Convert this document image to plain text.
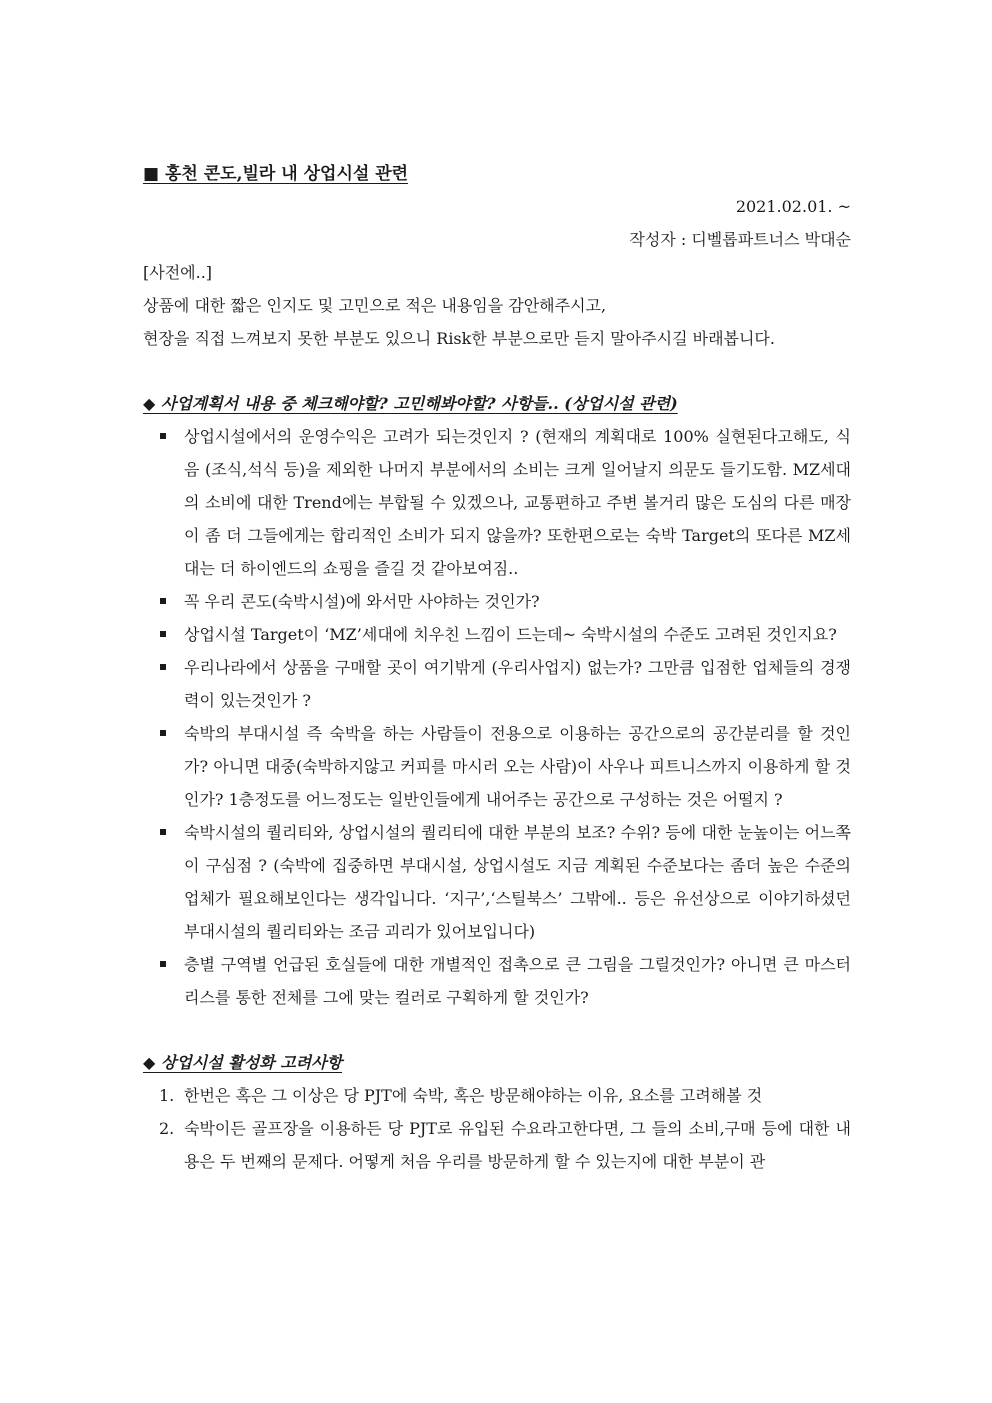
■ 홍천 콘도,빌라 내 상업시설 관련
2021.02.01. ~
작성자 : 디벨롭파트너스 박대순

[사전에..]

상품에 대한 짧은 인지도 및 고민으로 적은 내용임을 감안해주시고,

현장을 직접 느껴보지 못한 부분도 있으니 Risk한 부분으로만 듣지 말아주시길 바래봅니다.

◆ 사업계획서 내용 중 체크해야할? 고민해봐야할? 사항들.. (상업시설 관련)
상업시설에서의 운영수익은 고려가 되는것인지 ? (현재의 계획대로 100% 실현된다고해도, 식음 (조식,석식 등)을 제외한 나머지 부분에서의 소비는 크게 일어날지 의문도 들기도함. MZ세대의 소비에 대한 Trend에는 부합될 수 있겠으나, 교통편하고 주변 볼거리 많은 도심의 다른 매장이 좀 더 그들에게는 합리적인 소비가 되지 않을까? 또한편으로는 숙박 Target의 또다른 MZ세대는 더 하이엔드의 쇼핑을 즐길 것 같아보여짐..
꼭 우리 콘도(숙박시설)에 와서만 사야하는 것인가?
상업시설 Target이 ‘MZ’세대에 치우친 느낌이 드는데~ 숙박시설의 수준도 고려된 것인지요?
우리나라에서 상품을 구매할 곳이 여기밖게 (우리사업지) 없는가? 그만큼 입점한 업체들의 경쟁력이 있는것인가 ?
숙박의 부대시설 즉 숙박을 하는 사람들이 전용으로 이용하는 공간으로의 공간분리를 할 것인가? 아니면 대중(숙박하지않고 커피를 마시러 오는 사람)이 사우나 피트니스까지 이용하게 할 것인가? 1층정도를 어느정도는 일반인들에게 내어주는 공간으로 구성하는 것은 어떨지 ?
숙박시설의 퀄리티와, 상업시설의 퀄리티에 대한 부분의 보조? 수위? 등에 대한 눈높이는 어느쪽이 구심점 ? (숙박에 집중하면 부대시설, 상업시설도 지금 계획된 수준보다는 좀더 높은 수준의 업체가 필요해보인다는 생각입니다. ‘지구’,‘스틸북스’ 그밖에.. 등은 유선상으로 이야기하셨던 부대시설의 퀄리티와는 조금 괴리가 있어보입니다)
층별 구역별 언급된 호실들에 대한 개별적인 접촉으로 큰 그림을 그릴것인가? 아니면 큰 마스터리스를 통한 전체를 그에 맞는 컬러로 구획하게 할 것인가?
◆ 상업시설 활성화 고려사항
1. 한번은 혹은 그 이상은 당 PJT에 숙박, 혹은 방문해야하는 이유, 요소를 고려해볼 것
2. 숙박이든 골프장을 이용하든 당 PJT로 유입된 수요라고한다면, 그 들의 소비,구매 등에 대한 내용은 두 번째의 문제다. 어떻게 처음 우리를 방문하게 할 수 있는지에 대한 부분이 관
